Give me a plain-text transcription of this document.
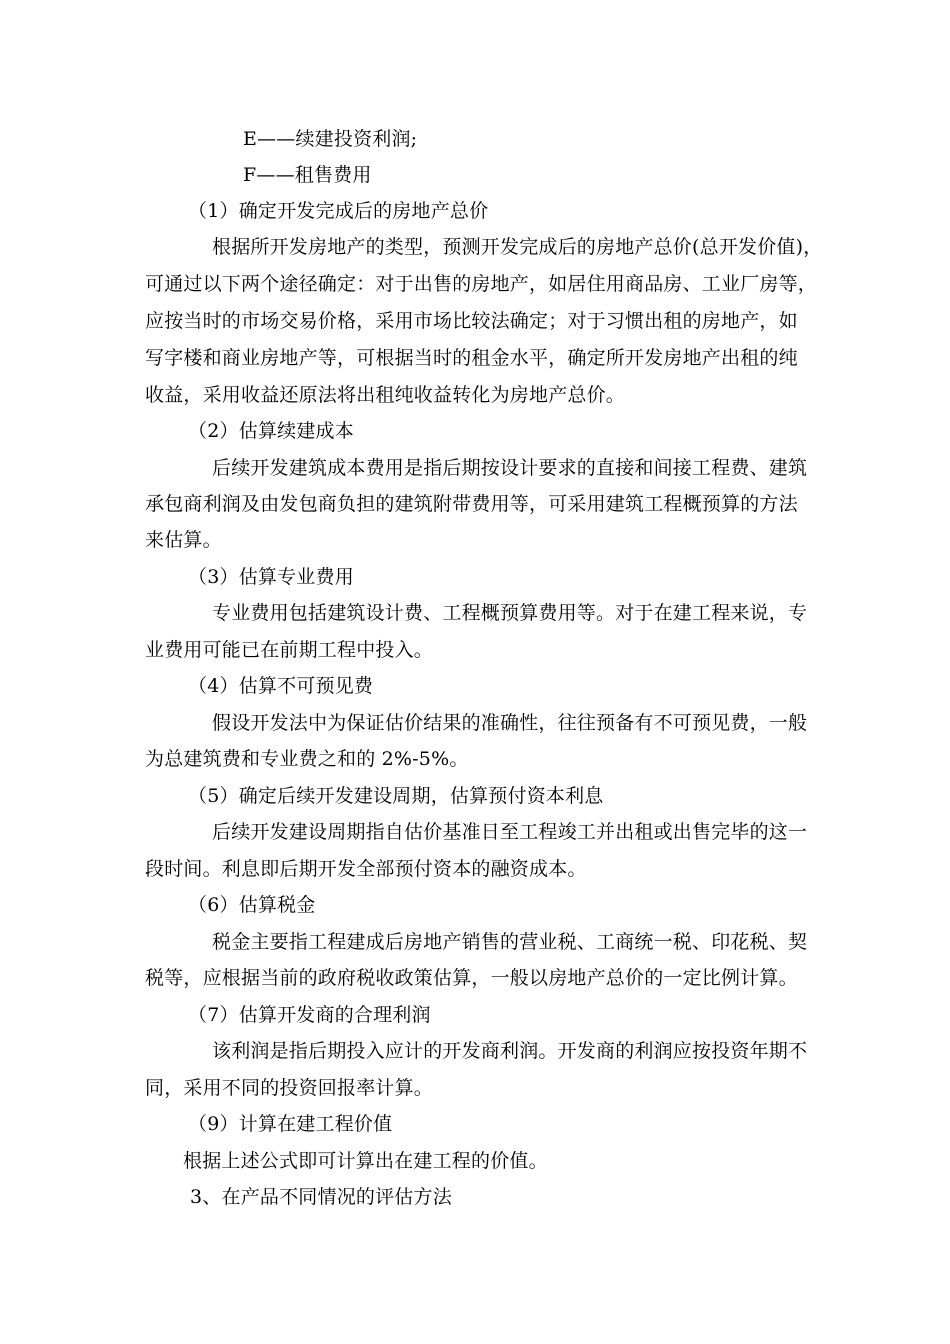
E——续建投资利润;
F——租售费用
（1）确定开发完成后的房地产总价
根据所开发房地产的类型，预测开发完成后的房地产总价(总开发价值)，
可通过以下两个途径确定：对于出售的房地产，如居住用商品房、工业厂房等，
应按当时的市场交易价格，采用市场比较法确定；对于习惯出租的房地产，如
写字楼和商业房地产等，可根据当时的租金水平，确定所开发房地产出租的纯
收益，采用收益还原法将出租纯收益转化为房地产总价。
（2）估算续建成本
后续开发建筑成本费用是指后期按设计要求的直接和间接工程费、建筑
承包商利润及由发包商负担的建筑附带费用等，可采用建筑工程概预算的方法
来估算。
（3）估算专业费用
专业费用包括建筑设计费、工程概预算费用等。对于在建工程来说，专
业费用可能已在前期工程中投入。
（4）估算不可预见费
假设开发法中为保证估价结果的准确性，往往预备有不可预见费，一般
为总建筑费和专业费之和的 2%-5%。
（5）确定后续开发建设周期，估算预付资本利息
后续开发建设周期指自估价基准日至工程竣工并出租或出售完毕的这一
段时间。利息即后期开发全部预付资本的融资成本。
（6）估算税金
税金主要指工程建成后房地产销售的营业税、工商统一税、印花税、契
税等，应根据当前的政府税收政策估算，一般以房地产总价的一定比例计算。
（7）估算开发商的合理利润
该利润是指后期投入应计的开发商利润。开发商的利润应按投资年期不
同，采用不同的投资回报率计算。
（9）计算在建工程价值
根据上述公式即可计算出在建工程的价值。
3、在产品不同情况的评估方法
